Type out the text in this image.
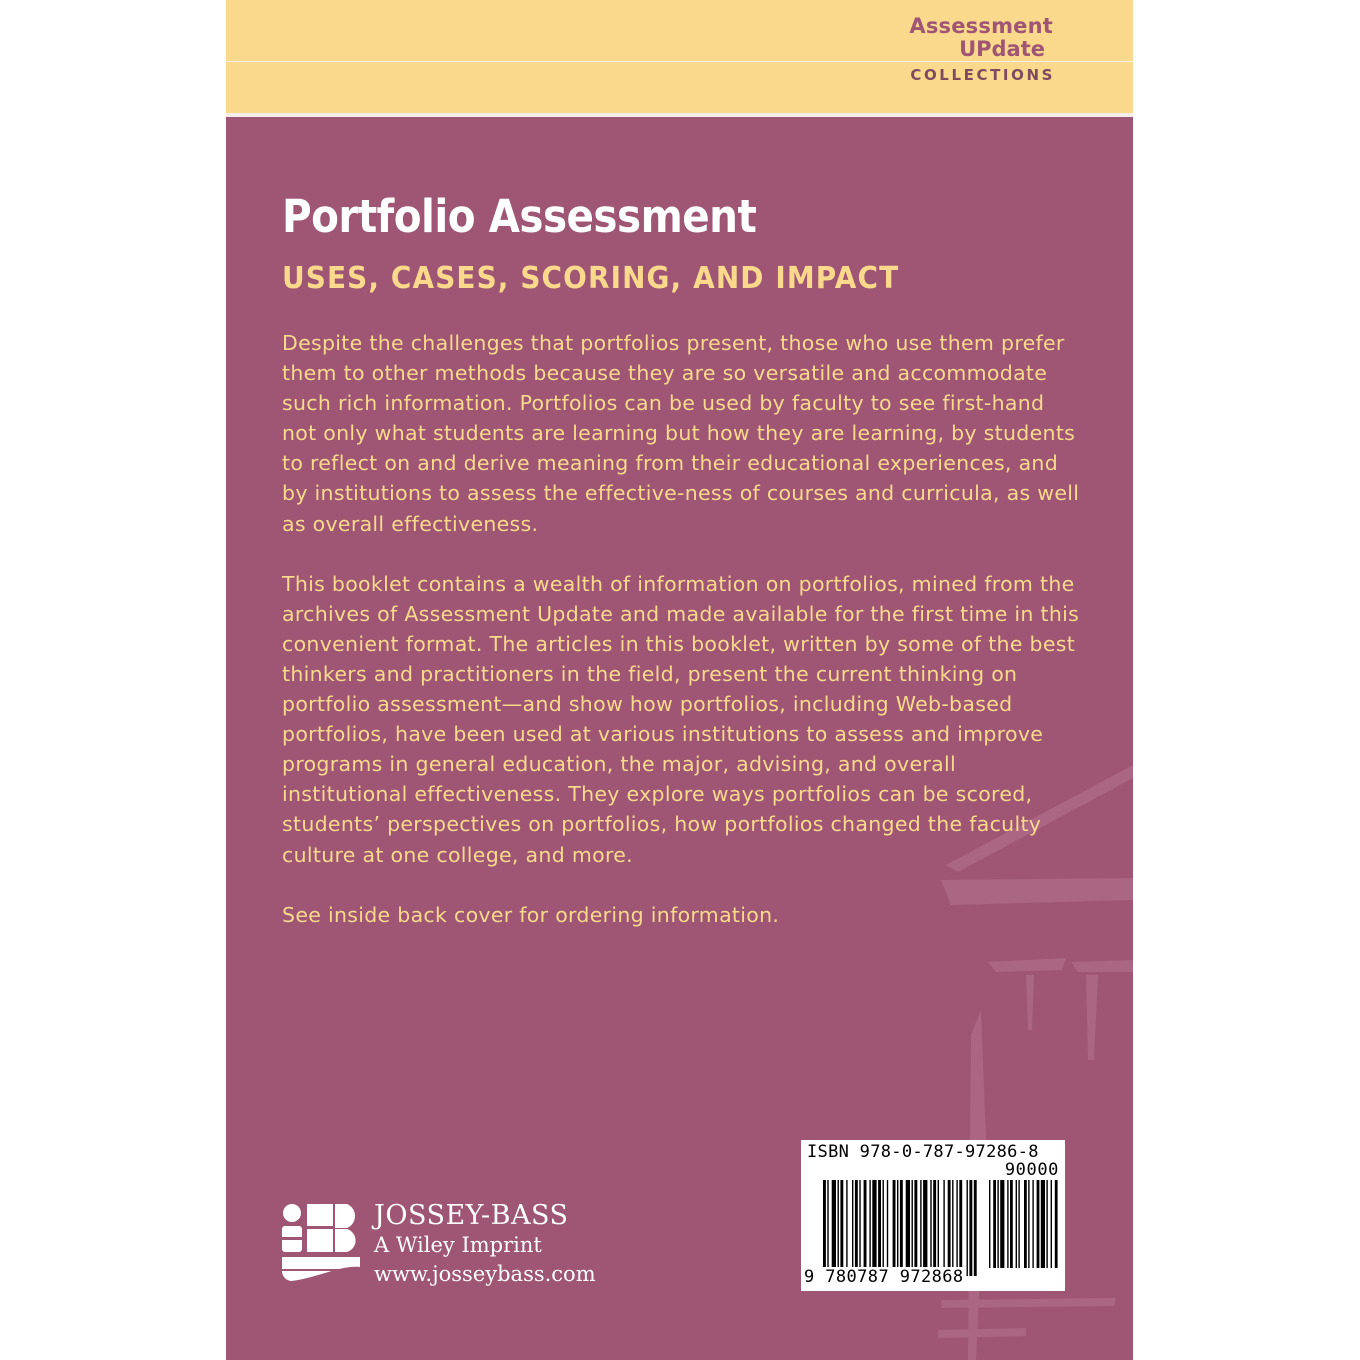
Assessment
UPdate
COLLECTIONS
Portfolio Assessment
USES, CASES, SCORING, AND IMPACT

Despite the challenges that portfolios present, those who use them prefer them to other methods because they are so versatile and accommodate such rich information. Portfolios can be used by faculty to see first-hand not only what students are learning but how they are learning, by students to reflect on and derive meaning from their educational experiences, and by institutions to assess the effective-ness of courses and curricula, as well as overall effectiveness.

This booklet contains a wealth of information on portfolios, mined from the archives of Assessment Update and made available for the first time in this convenient format. The articles in this booklet, written by some of the best thinkers and practitioners in the field, present the current thinking on portfolio assessment—and show how portfolios, including Web-based portfolios, have been used at various institutions to assess and improve programs in general education, the major, advising, and overall institutional effectiveness. They explore ways portfolios can be scored, students’ perspectives on portfolios, how portfolios changed the faculty culture at one college, and more.

See inside back cover for ordering information.

JOSSEY-BASS
A Wiley Imprint
www.josseybass.com
ISBN 978-0-787-97286-8
90000
9 780787 972868
